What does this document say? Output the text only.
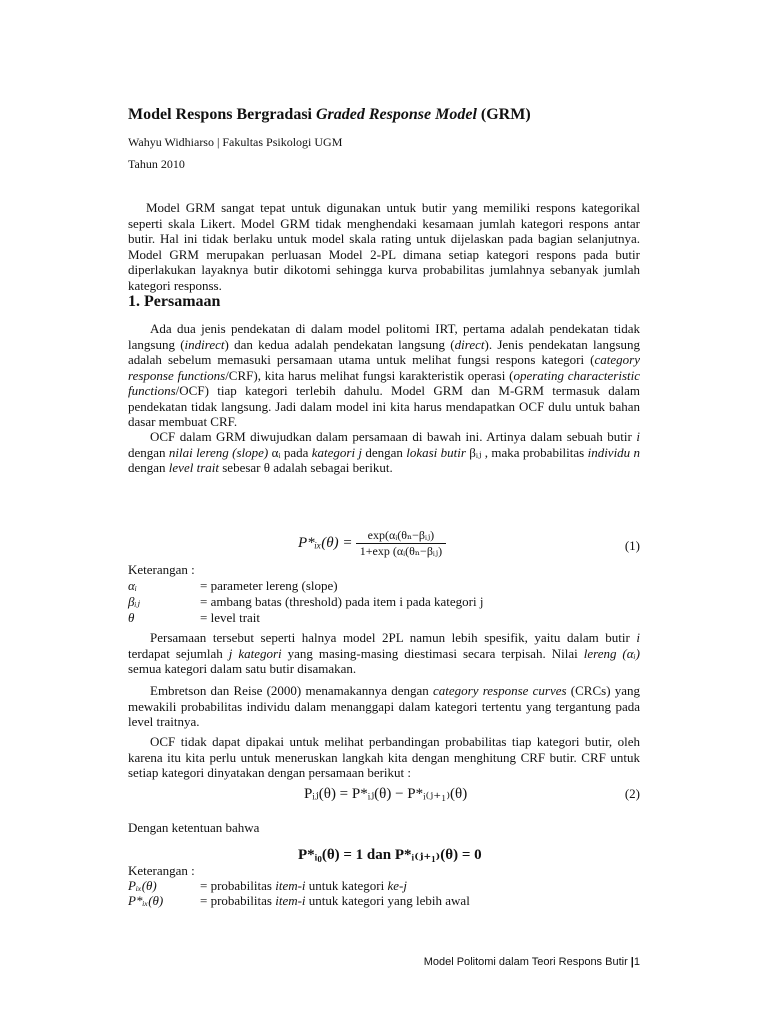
Model Respons Bergradasi Graded Response Model (GRM)
Wahyu Widhiarso | Fakultas Psikologi UGM
Tahun 2010
Model GRM sangat tepat untuk digunakan untuk butir yang memiliki respons kategorikal seperti skala Likert. Model GRM tidak menghendaki kesamaan jumlah kategori respons antar butir. Hal ini tidak berlaku untuk model skala rating untuk dijelaskan pada bagian selanjutnya. Model GRM merupakan perluasan Model 2-PL dimana setiap kategori respons pada butir diperlakukan layaknya butir dikotomi sehingga kurva probabilitas jumlahnya sebanyak jumlah kategori responss.
1. Persamaan
Ada dua jenis pendekatan di dalam model politomi IRT, pertama adalah pendekatan tidak langsung (indirect) dan kedua adalah pendekatan langsung (direct). Jenis pendekatan langsung adalah sebelum memasuki persamaan utama untuk melihat fungsi respons kategori (category response functions/CRF), kita harus melihat fungsi karakteristik operasi (operating characteristic functions/OCF) tiap kategori terlebih dahulu. Model GRM dan M-GRM termasuk dalam pendekatan tidak langsung. Jadi dalam model ini kita harus mendapatkan OCF dulu untuk bahan dasar membuat CRF.
OCF dalam GRM diwujudkan dalam persamaan di bawah ini. Artinya dalam sebuah butir i dengan nilai lereng (slope) αᵢ pada kategori j dengan lokasi butir βᵢⱼ , maka probabilitas individu n dengan level trait sebesar θ adalah sebagai berikut.
P*ᵢₓ(θ) = $\frac{\text{exp(αᵢ(θₙ−βᵢⱼ)}}{\text{1+exp (αᵢ(θₙ−βᵢⱼ)}}$	(1)
Keterangan :
αᵢ	= parameter lereng (slope)
βᵢⱼ	= ambang batas (threshold) pada item i pada kategori j
θ	= level trait
Persamaan tersebut seperti halnya model 2PL namun lebih spesifik, yaitu dalam butir i terdapat sejumlah j kategori yang masing-masing diestimasi secara terpisah. Nilai lereng (αᵢ) semua kategori dalam satu butir disamakan.
Embretson dan Reise (2000) menamakannya dengan category response curves (CRCs) yang mewakili probabilitas individu dalam menanggapi dalam kategori tertentu yang tergantung pada level traitnya.
OCF tidak dapat dipakai untuk melihat perbandingan probabilitas tiap kategori butir, oleh karena itu kita perlu untuk meneruskan langkah kita dengan menghitung CRF butir. CRF untuk setiap kategori dinyatakan dengan persamaan berikut :
Pᵢⱼ(θ) = P*ᵢⱼ(θ) − P*ᵢ₍ⱼ₊₁₎(θ)	(2)
Dengan ketentuan bahwa
P*ᵢ₀(θ) = 1 dan P*ᵢ₍ⱼ₊₁₎(θ) = 0
Keterangan :
Pᵢₓ(θ)	= probabilitas item-i untuk kategori ke-j
P*ᵢₓ(θ)	= probabilitas item-i untuk kategori yang lebih awal
Model Politomi dalam Teori Respons Butir |1
